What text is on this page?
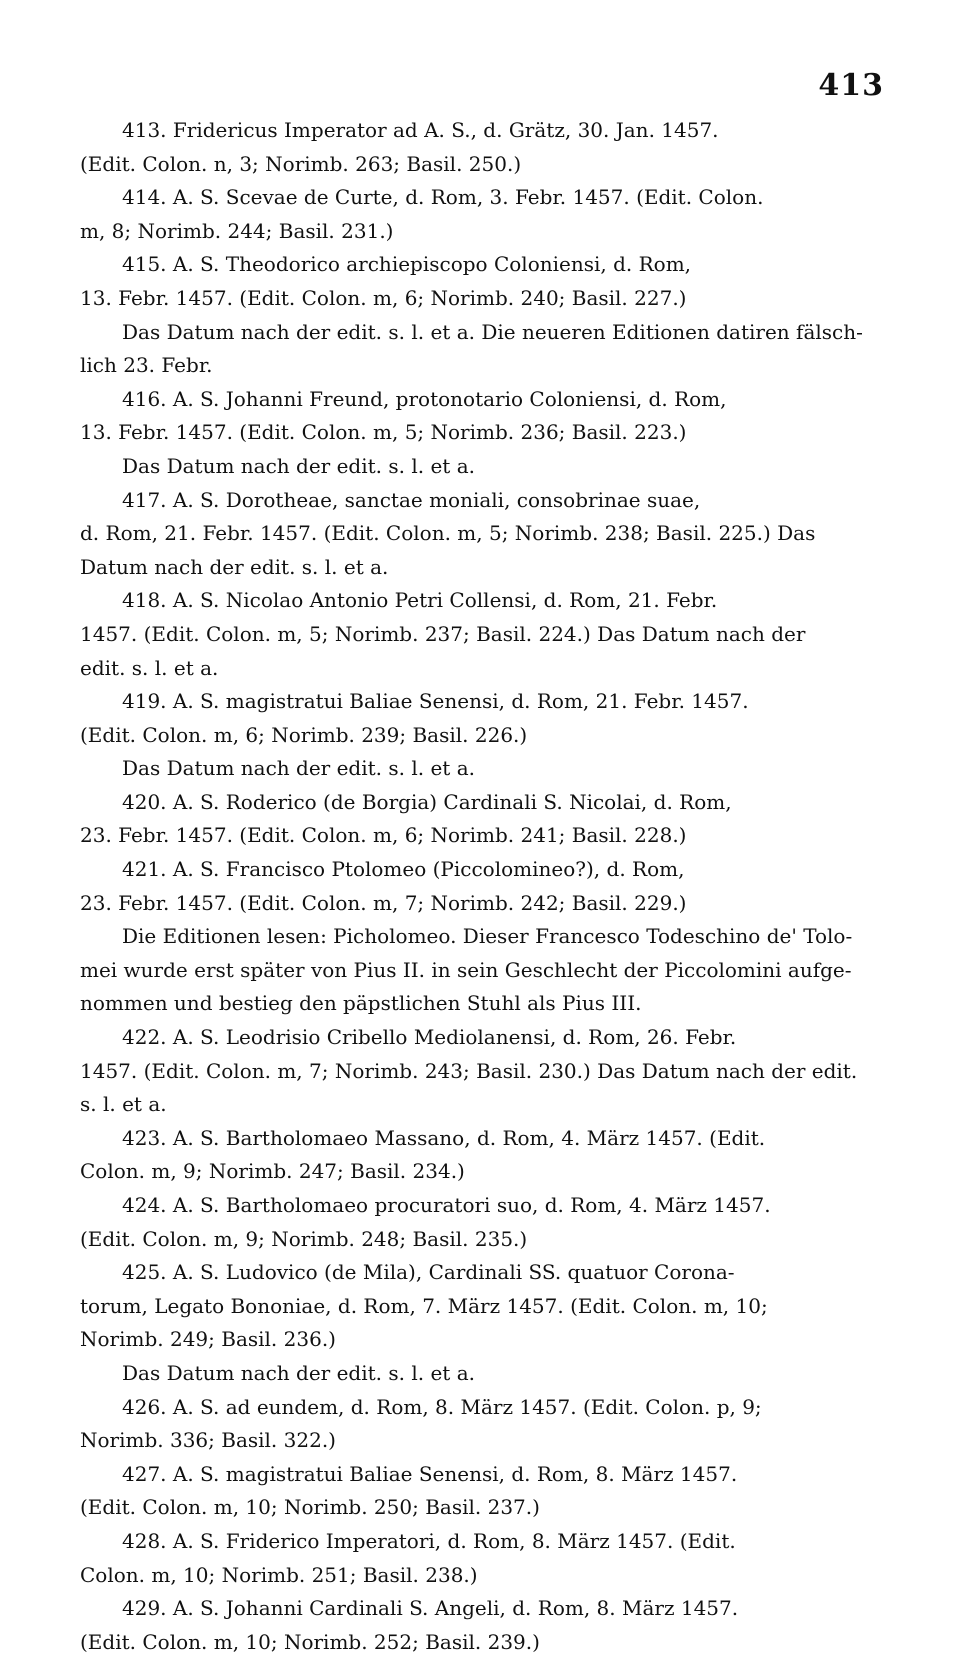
413
413. Fridericus Imperator ad A. S., d. Grätz, 30. Jan. 1457.
(Edit. Colon. n, 3; Norimb. 263; Basil. 250.)
414. A. S. Scevae de Curte, d. Rom, 3. Febr. 1457. (Edit. Colon.
m, 8; Norimb. 244; Basil. 231.)
415. A. S. Theodorico archiepiscopo Coloniensi, d. Rom,
13. Febr. 1457. (Edit. Colon. m, 6; Norimb. 240; Basil. 227.)
Das Datum nach der edit. s. l. et a. Die neueren Editionen datiren fälsch-
lich 23. Febr.
416. A. S. Johanni Freund, protonotario Coloniensi, d. Rom,
13. Febr. 1457. (Edit. Colon. m, 5; Norimb. 236; Basil. 223.)
Das Datum nach der edit. s. l. et a.
417. A. S. Dorotheae, sanctae moniali, consobrinae suae,
d. Rom, 21. Febr. 1457. (Edit. Colon. m, 5; Norimb. 238; Basil. 225.) Das
Datum nach der edit. s. l. et a.
418. A. S. Nicolao Antonio Petri Collensi, d. Rom, 21. Febr.
1457. (Edit. Colon. m, 5; Norimb. 237; Basil. 224.) Das Datum nach der
edit. s. l. et a.
419. A. S. magistratui Baliae Senensi, d. Rom, 21. Febr. 1457.
(Edit. Colon. m, 6; Norimb. 239; Basil. 226.)
Das Datum nach der edit. s. l. et a.
420. A. S. Roderico (de Borgia) Cardinali S. Nicolai, d. Rom,
23. Febr. 1457. (Edit. Colon. m, 6; Norimb. 241; Basil. 228.)
421. A. S. Francisco Ptolomeo (Piccolomineo?), d. Rom,
23. Febr. 1457. (Edit. Colon. m, 7; Norimb. 242; Basil. 229.)
Die Editionen lesen: Picholomeo. Dieser Francesco Todeschino de' Tolo-
mei wurde erst später von Pius II. in sein Geschlecht der Piccolomini aufge-
nommen und bestieg den päpstlichen Stuhl als Pius III.
422. A. S. Leodrisio Cribello Mediolanensi, d. Rom, 26. Febr.
1457. (Edit. Colon. m, 7; Norimb. 243; Basil. 230.) Das Datum nach der edit.
s. l. et a.
423. A. S. Bartholomaeo Massano, d. Rom, 4. März 1457. (Edit.
Colon. m, 9; Norimb. 247; Basil. 234.)
424. A. S. Bartholomaeo procuratori suo, d. Rom, 4. März 1457.
(Edit. Colon. m, 9; Norimb. 248; Basil. 235.)
425. A. S. Ludovico (de Mila), Cardinali SS. quatuor Corona-
torum, Legato Bononiae, d. Rom, 7. März 1457. (Edit. Colon. m, 10;
Norimb. 249; Basil. 236.)
Das Datum nach der edit. s. l. et a.
426. A. S. ad eundem, d. Rom, 8. März 1457. (Edit. Colon. p, 9;
Norimb. 336; Basil. 322.)
427. A. S. magistratui Baliae Senensi, d. Rom, 8. März 1457.
(Edit. Colon. m, 10; Norimb. 250; Basil. 237.)
428. A. S. Friderico Imperatori, d. Rom, 8. März 1457. (Edit.
Colon. m, 10; Norimb. 251; Basil. 238.)
429. A. S. Johanni Cardinali S. Angeli, d. Rom, 8. März 1457.
(Edit. Colon. m, 10; Norimb. 252; Basil. 239.)
